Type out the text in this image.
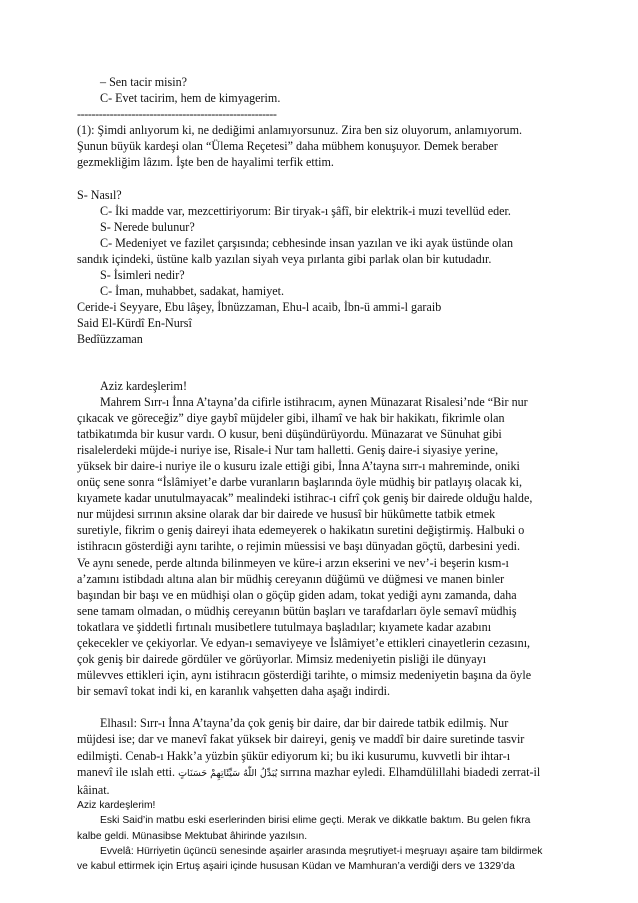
– Sen tacir misin?
C- Evet tacirim, hem de kimyagerim.
-------------------------------------------------------
(1): Şimdi anlıyorum ki, ne dediğimi anlamıyorsunuz. Zira ben siz oluyorum, anlamıyorum.
Şunun büyük kardeşi olan “Ülema Reçetesi” daha mübhem konuşuyor. Demek beraber
gezmekliğim lâzım. İşte ben de hayalimi terfik ettim.
S- Nasıl?
C- İki madde var, mezcettiriyorum: Bir tiryak-ı şâfî, bir elektrik-i muzi tevellüd eder.
S- Nerede bulunur?
C- Medeniyet ve fazilet çarşısında; cebhesinde insan yazılan ve iki ayak üstünde olan
sandık içindeki, üstüne kalb yazılan siyah veya pırlanta gibi parlak olan bir kutudadır.
S- İsimleri nedir?
C- İman, muhabbet, sadakat, hamiyet.
Ceride-i Seyyare, Ebu lâşey, İbnüzzaman, Ehu-l acaib, İbn-ü ammi-l garaib
Said El-Kürdî En-Nursî
Bedîüzzaman
Aziz kardeşlerim!
Mahrem Sırr-ı İnna A’tayna’da cifirle istihracım, aynen Münazarat Risalesi’nde “Bir nur
çıkacak ve göreceğiz” diye gaybî müjdeler gibi, ilhamî ve hak bir hakikatı, fikrimle olan
tatbikatımda bir kusur vardı. O kusur, beni düşündürüyordu. Münazarat ve Sünuhat gibi
risalelerdeki müjde-i nuriye ise, Risale-i Nur tam halletti. Geniş daire-i siyasiye yerine,
yüksek bir daire-i nuriye ile o kusuru izale ettiği gibi, İnna A’tayna sırr-ı mahreminde, oniki
onüç sene sonra “İslâmiyet’e darbe vuranların başlarında öyle müdhiş bir patlayış olacak ki,
kıyamete kadar unutulmayacak” mealindeki istihrac-ı cifrî çok geniş bir dairede olduğu halde,
nur müjdesi sırrının aksine olarak dar bir dairede ve hususî bir hükûmette tatbik etmek
suretiyle, fikrim o geniş daireyi ihata edemeyerek o hakikatın suretini değiştirmiş. Halbuki o
istihracın gösterdiği aynı tarihte, o rejimin müessisi ve başı dünyadan göçtü, darbesini yedi.
Ve aynı senede, perde altında bilinmeyen ve küre-i arzın ekserini ve nev’-i beşerin kısm-ı
a’zamını istibdadı altına alan bir müdhiş cereyanın düğümü ve düğmesi ve manen binler
başından bir başı ve en müdhişi olan o göçüp giden adam, tokat yediği aynı zamanda, daha
sene tamam olmadan, o müdhiş cereyanın bütün başları ve tarafdarları öyle semavî müdhiş
tokatlara ve şiddetli fırtınalı musibetlere tutulmaya başladılar; kıyamete kadar azabını
çekecekler ve çekiyorlar. Ve edyan-ı semaviyeye ve İslâmiyet’e ettikleri cinayetlerin cezasını,
çok geniş bir dairede gördüler ve görüyorlar. Mimsiz medeniyetin pisliği ile dünyayı
mülevves ettikleri için, aynı istihracın gösterdiği tarihte, o mimsiz medeniyetin başına da öyle
bir semavî tokat indi ki, en karanlık vahşetten daha aşağı indirdi.
Elhasıl: Sırr-ı İnna A’tayna’da çok geniş bir daire, dar bir dairede tatbik edilmiş. Nur
müjdesi ise; dar ve manevî fakat yüksek bir daireyi, geniş ve maddî bir daire suretinde tasvir
edilmişti. Cenab-ı Hakk’a yüzbin şükür ediyorum ki; bu iki kusurumu, kuvvetli bir ihtar-ı
manevî ile ıslah etti. يُبَدِّلُ اللّٰهُ سَيِّئَاتِهِمْ حَسَنَاتٍ sırrına mazhar eyledi. Elhamdülillahi biadedi zerrat-il
kâinat.
Aziz kardeşlerim!
Eski Said’in matbu eski eserlerinden birisi elime geçti. Merak ve dikkatle baktım. Bu gelen fıkra
kalbe geldi. Münasibse Mektubat âhirinde yazılsın.
Evvelâ: Hürriyetin üçüncü senesinde aşairler arasında meşrutiyet-i meşruayı aşaire tam bildirmek
ve kabul ettirmek için Ertuş aşairi içinde hususan Küdan ve Mamhuran’a verdiği ders ve 1329’da
